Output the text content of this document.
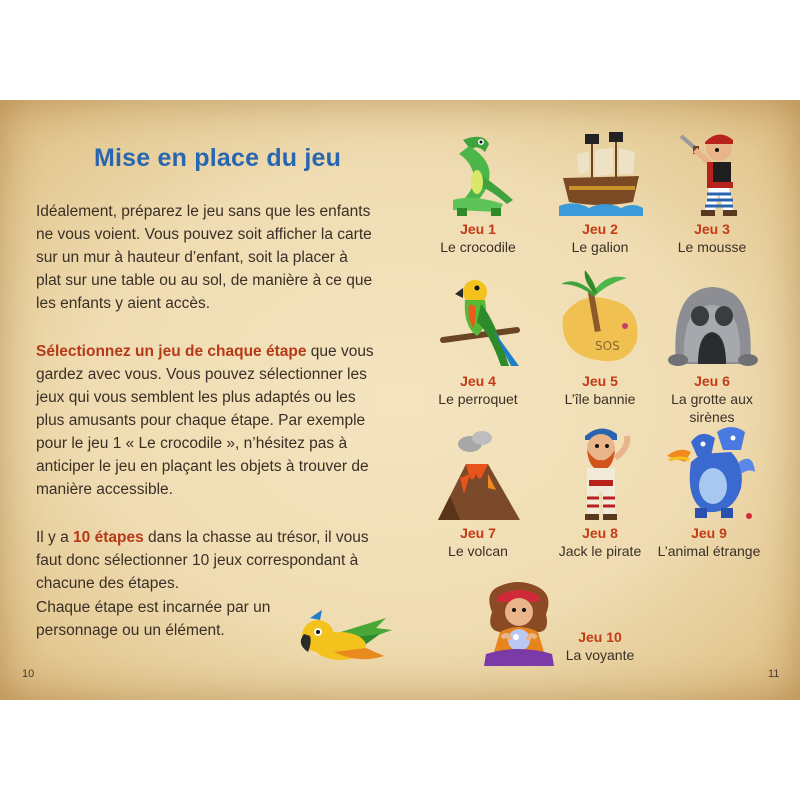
Mise en place du jeu

Idéalement, préparez le jeu sans que les enfants ne vous voient. Vous pouvez soit afficher la carte sur un mur à hauteur d’enfant, soit la placer à plat sur une table ou au sol, de manière à ce que les enfants y aient accès.

Sélectionnez un jeu de chaque étape que vous gardez avec vous. Vous pouvez sélectionner les jeux qui vous semblent les plus adaptés ou les plus amusants pour chaque étape. Par exemple pour le jeu 1 « Le crocodile », n’hésitez pas à anticiper le jeu en plaçant les objets à trouver de manière accessible.

Il y a 10 étapes dans la chasse au trésor, il vous faut donc sélectionner 10 jeux correspondant à chacune des étapes.

Chaque étape est incarnée par un personnage ou un élément.

10
Jeu 1
Le crocodile
Jeu 2
Le galion
Jeu 3
Le mousse
Jeu 4
Le perroquet
SOS
Jeu 5
L’île bannie
Jeu 6
La grotte aux sirènes
Jeu 7
Le volcan
Jeu 8
Jack le pirate
Jeu 9
L’animal étrange
Jeu 10
La voyante
11
